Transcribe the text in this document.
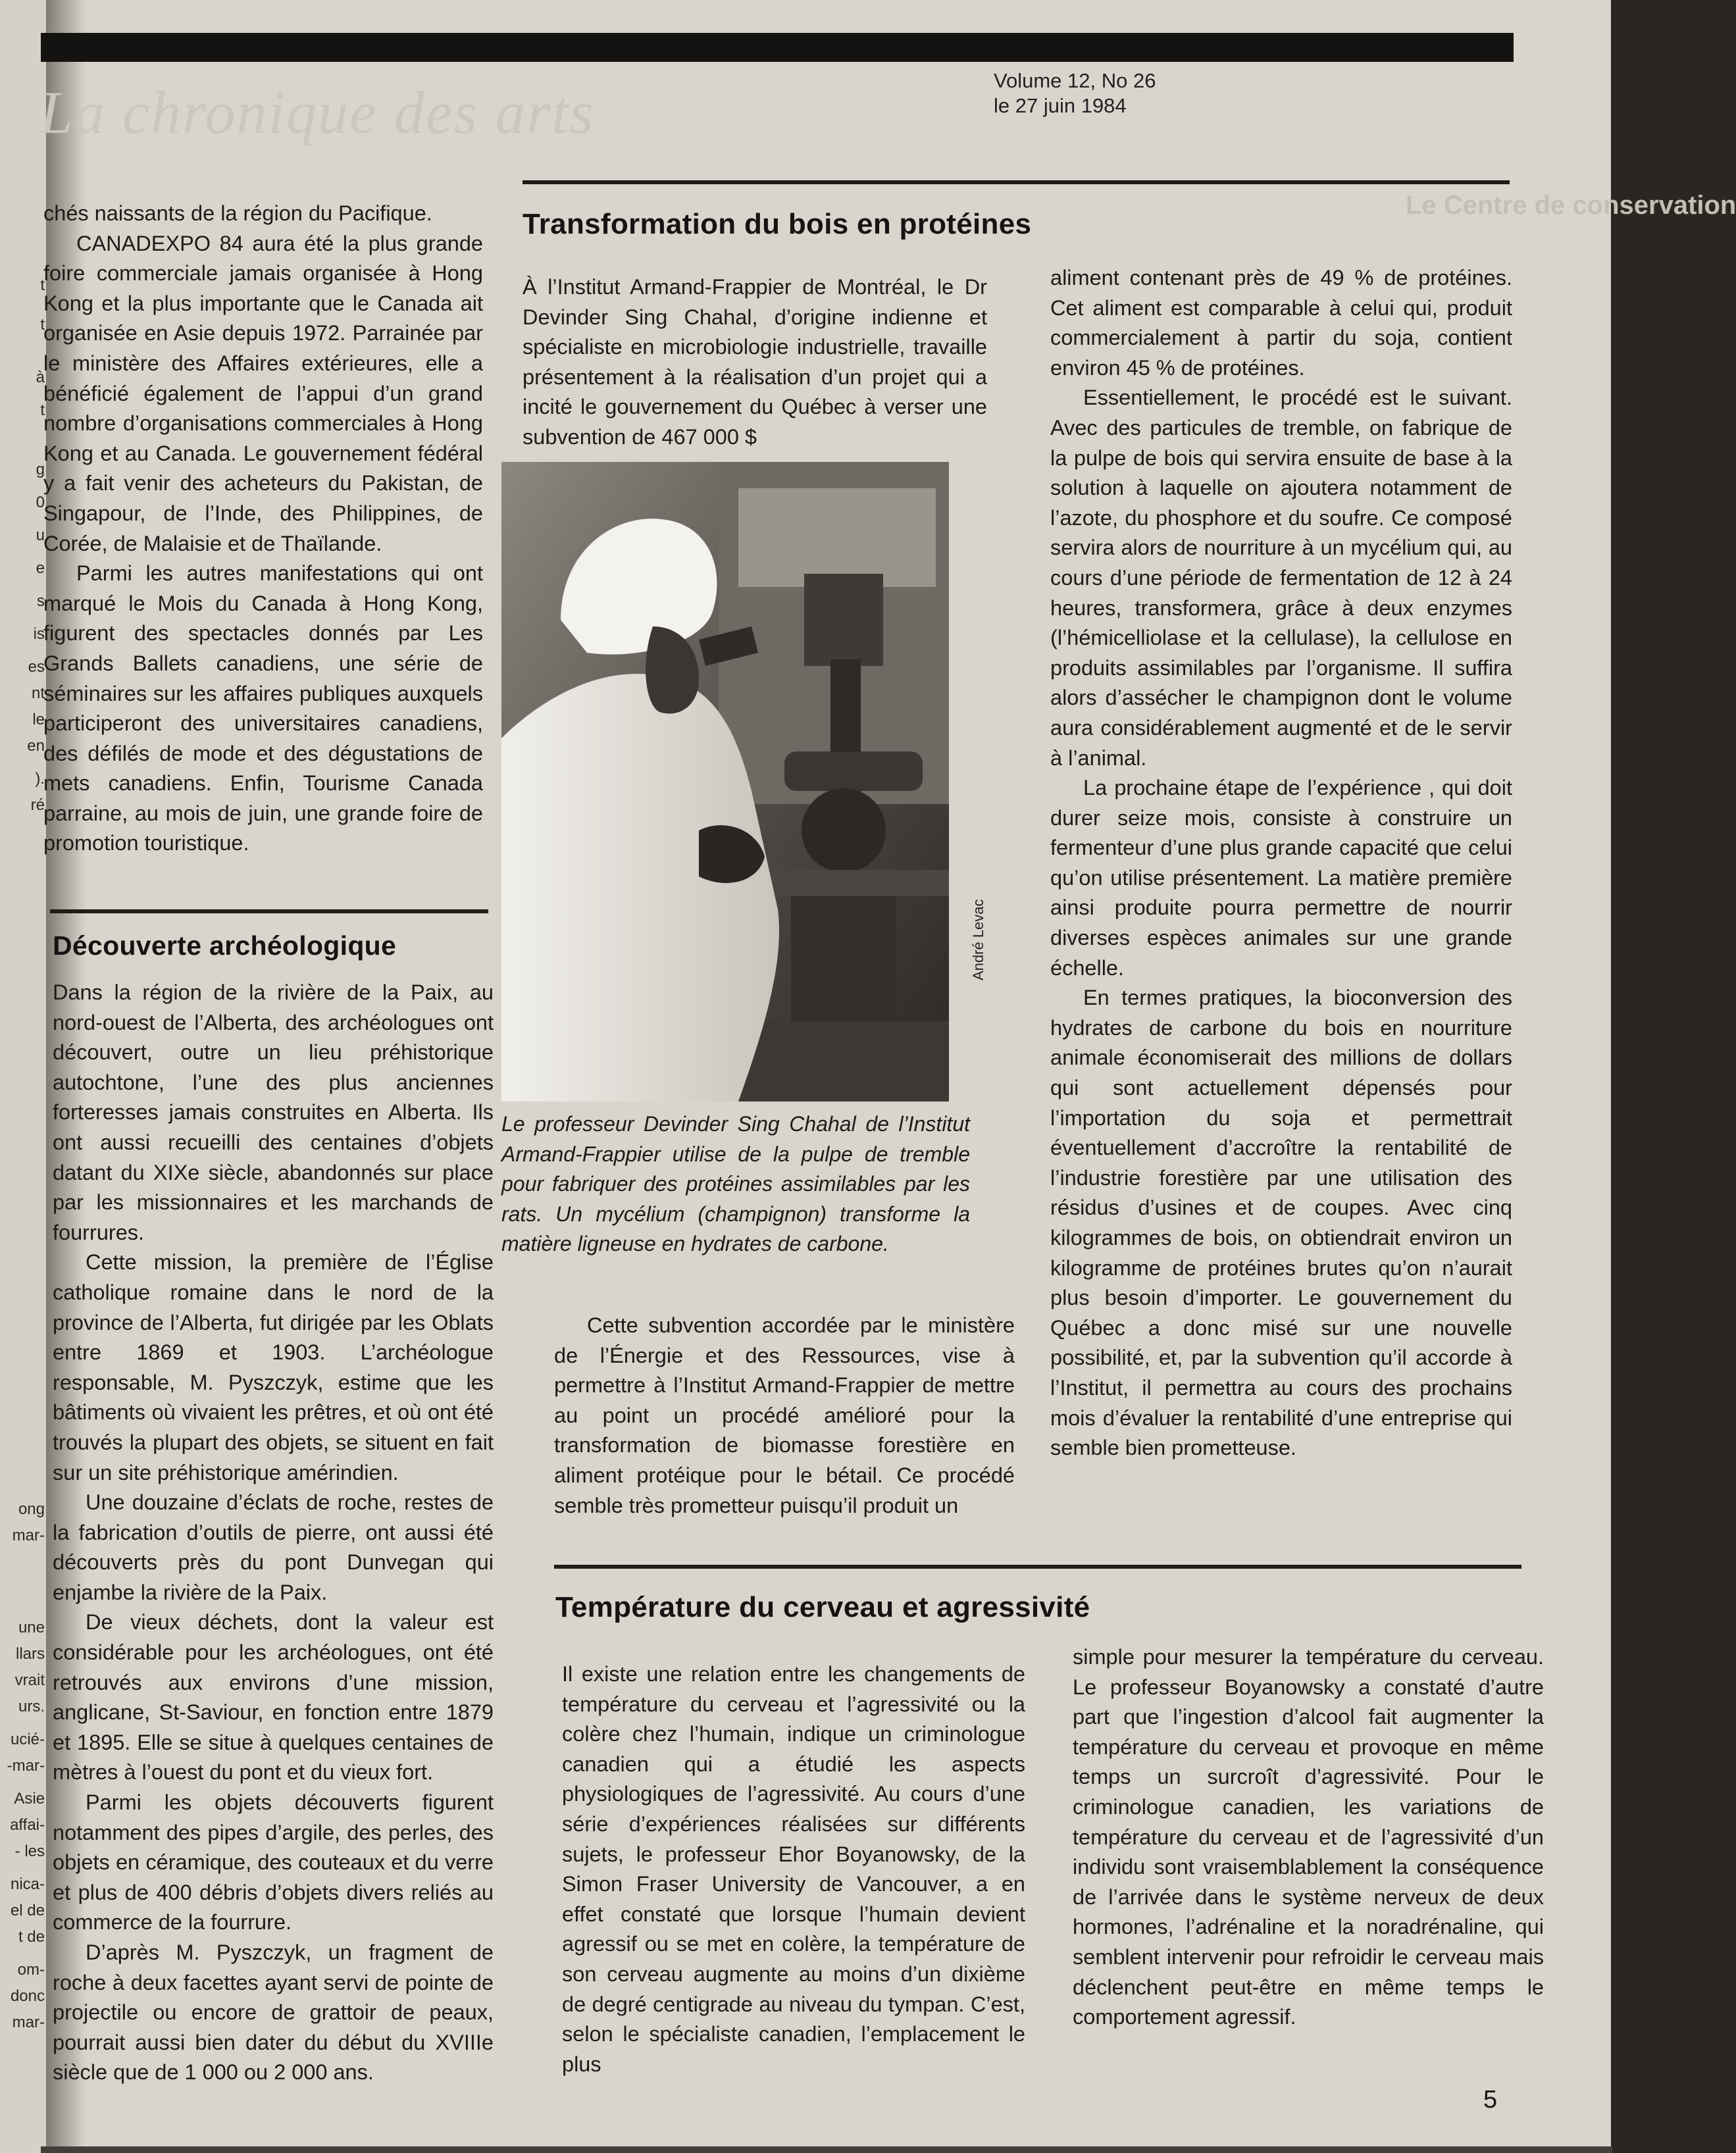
t
t
à
t
g
0
u
e
s
is
es
nt
le
en
).
ré
ong
mar-
une
llars
vrait
urs.
ucié-
-mar-
Asie
affai-
- les
nica-
el de
t de
om-
donc
mar-
La chronique des arts	Volume 12, No 26
le 27 juin 1984
Le Centre de conservation

chés naissants de la région du Pacifique.

CANADEXPO 84 aura été la plus grande foire commerciale jamais organisée à Hong Kong et la plus importante que le Canada ait organisée en Asie depuis 1972. Parrainée par le ministère des Affaires extérieures, elle a bénéficié également de l’appui d’un grand nombre d’organisations commerciales à Hong Kong et au Canada. Le gouvernement fédéral y a fait venir des acheteurs du Pakistan, de Singapour, de l’Inde, des Philippines, de Corée, de Malaisie et de Thaïlande.

Parmi les autres manifestations qui ont marqué le Mois du Canada à Hong Kong, figurent des spectacles donnés par Les Grands Ballets canadiens, une série de séminaires sur les affaires publiques auxquels participeront des universitaires canadiens, des défilés de mode et des dégustations de mets canadiens. Enfin, Tourisme Canada parraine, au mois de juin, une grande foire de promotion touristique.

Découverte archéologique

Dans la région de la rivière de la Paix, au nord-ouest de l’Alberta, des archéologues ont découvert, outre un lieu préhistorique autochtone, l’une des plus anciennes forteresses jamais construites en Alberta. Ils ont aussi recueilli des centaines d’objets datant du XIXe siècle, abandonnés sur place par les missionnaires et les marchands de fourrures.

Cette mission, la première de l’Église catholique romaine dans le nord de la province de l’Alberta, fut dirigée par les Oblats entre 1869 et 1903. L’archéologue responsable, M. Pyszczyk, estime que les bâtiments où vivaient les prêtres, et où ont été trouvés la plupart des objets, se situent en fait sur un site préhistorique amérindien.

Une douzaine d’éclats de roche, restes de la fabrication d’outils de pierre, ont aussi été découverts près du pont Dunvegan qui enjambe la rivière de la Paix.

De vieux déchets, dont la valeur est considérable pour les archéologues, ont été retrouvés aux environs d’une mission, anglicane, St-Saviour, en fonction entre 1879 et 1895. Elle se situe à quelques centaines de mètres à l’ouest du pont et du vieux fort.

Parmi les objets découverts figurent notamment des pipes d’argile, des perles, des objets en céramique, des couteaux et du verre et plus de 400 débris d’objets divers reliés au commerce de la fourrure.

D’après M. Pyszczyk, un fragment de roche à deux facettes ayant servi de pointe de projectile ou encore de grattoir de peaux, pourrait aussi bien dater du début du XVIIIe siècle que de 1 000 ou 2 000 ans.

Transformation du bois en protéines

À l’Institut Armand-Frappier de Montréal, le Dr Devinder Sing Chahal, d’origine indienne et spécialiste en microbiologie industrielle, travaille présentement à la réalisation d’un projet qui a incité le gouvernement du Québec à verser une subvention de 467 000 $

André Levac
Le professeur Devinder Sing Chahal de l’Institut Armand-Frappier utilise de la pulpe de tremble pour fabriquer des protéines assimilables par les rats. Un mycélium (champignon) transforme la matière ligneuse en hydrates de carbone.

Cette subvention accordée par le ministère de l’Énergie et des Ressources, vise à permettre à l’Institut Armand-Frappier de mettre au point un procédé amélioré pour la transformation de biomasse forestière en aliment protéique pour le bétail. Ce procédé semble très prometteur puisqu’il produit un

aliment contenant près de 49 % de protéines. Cet aliment est comparable à celui qui, produit commercialement à partir du soja, contient environ 45 % de protéines.

Essentiellement, le procédé est le suivant. Avec des particules de tremble, on fabrique de la pulpe de bois qui servira ensuite de base à la solution à laquelle on ajoutera notamment de l’azote, du phosphore et du soufre. Ce composé servira alors de nourriture à un mycélium qui, au cours d’une période de fermentation de 12 à 24 heures, transformera, grâce à deux enzymes (l’hémicelliolase et la cellulase), la cellulose en produits assimilables par l’organisme. Il suffira alors d’assécher le champignon dont le volume aura considérablement augmenté et de le servir à l’animal.

La prochaine étape de l’expérience , qui doit durer seize mois, consiste à construire un fermenteur d’une plus grande capacité que celui qu’on utilise présentement. La matière première ainsi produite pourra permettre de nourrir diverses espèces animales sur une grande échelle.

En termes pratiques, la bioconversion des hydrates de carbone du bois en nourriture animale économiserait des millions de dollars qui sont actuellement dépensés pour l’importation du soja et permettrait éventuellement d’accroître la rentabilité de l’industrie forestière par une utilisation des résidus d’usines et de coupes. Avec cinq kilogrammes de bois, on obtiendrait environ un kilogramme de protéines brutes qu’on n’aurait plus besoin d’importer. Le gouvernement du Québec a donc misé sur une nouvelle possibilité, et, par la subvention qu’il accorde à l’Institut, il permettra au cours des prochains mois d’évaluer la rentabilité d’une entreprise qui semble bien prometteuse.

Température du cerveau et agressivité

Il existe une relation entre les changements de température du cerveau et l’agressivité ou la colère chez l’humain, indique un criminologue canadien qui a étudié les aspects physiologiques de l’agressivité. Au cours d’une série d’expériences réalisées sur différents sujets, le professeur Ehor Boyanowsky, de la Simon Fraser University de Vancouver, a en effet constaté que lorsque l’humain devient agressif ou se met en colère, la température de son cerveau augmente au moins d’un dixième de degré centigrade au niveau du tympan. C’est, selon le spécialiste canadien, l’emplacement le plus

simple pour mesurer la température du cerveau. Le professeur Boyanowsky a constaté d’autre part que l’ingestion d’alcool fait augmenter la température du cerveau et provoque en même temps un surcroît d’agressivité. Pour le criminologue canadien, les variations de température du cerveau et de l’agressivité d’un individu sont vraisemblablement la conséquence de l’arrivée dans le système nerveux de deux hormones, l’adrénaline et la noradrénaline, qui semblent intervenir pour refroidir le cerveau mais déclenchent peut-être en même temps le comportement agressif.

5
